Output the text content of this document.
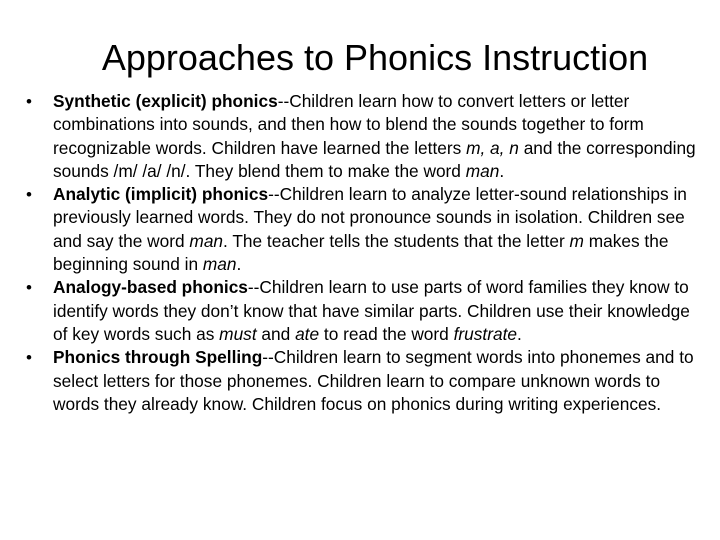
Approaches to Phonics Instruction
• Synthetic (explicit) phonics--Children learn how to convert letters or letter combinations into sounds, and then how to blend the sounds together to form recognizable words. Children have learned the letters m, a, n and the corresponding sounds /m/ /a/ /n/. They blend them to make the word man.
• Analytic (implicit) phonics--Children learn to analyze letter-sound relationships in previously learned words. They do not pronounce sounds in isolation. Children see and say the word man. The teacher tells the students that the letter m makes the beginning sound in man.
• Analogy-based phonics--Children learn to use parts of word families they know to identify words they don’t know that have similar parts. Children use their knowledge of key words such as must and ate to read the word frustrate.
• Phonics through Spelling--Children learn to segment words into phonemes and to select letters for those phonemes. Children learn to compare unknown words to words they already know. Children focus on phonics during writing experiences.
